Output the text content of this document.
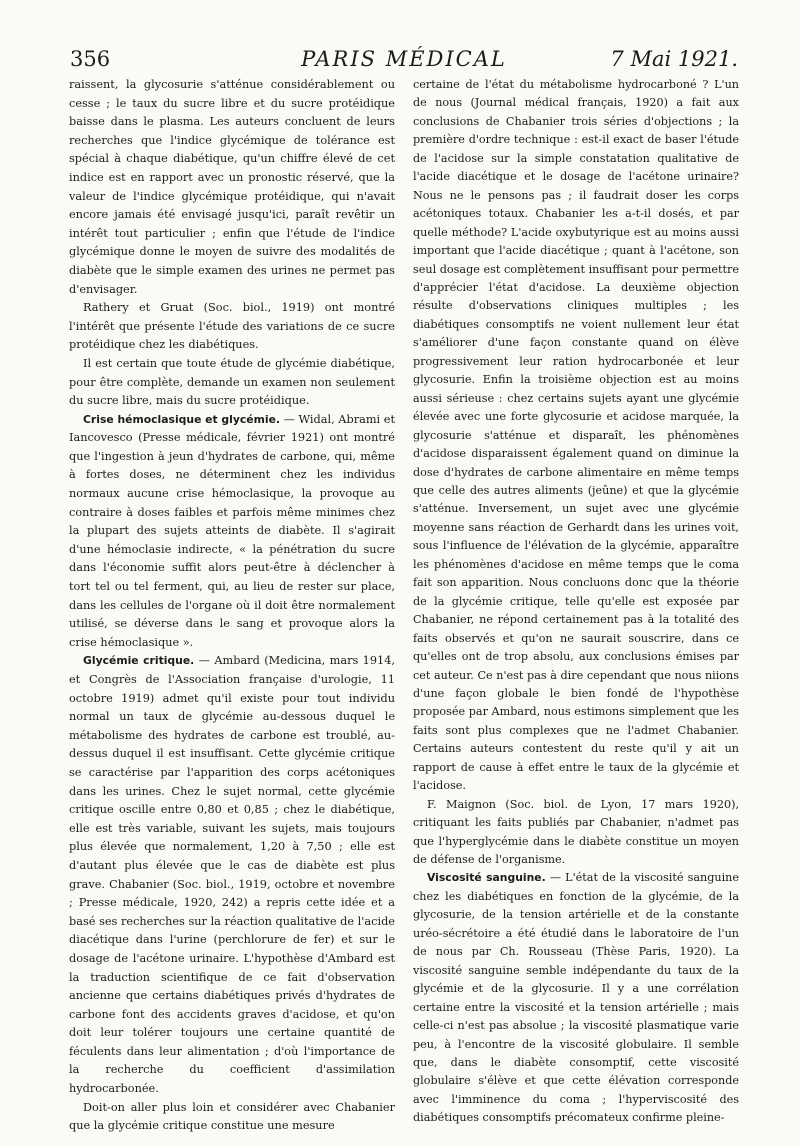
356	PARIS MÉDICAL	7 Mai 1921.

raissent, la glycosurie s'atténue considérablement ou cesse ; le taux du sucre libre et du sucre protéidique baisse dans le plasma. Les auteurs concluent de leurs recherches que l'indice glycémique de tolérance est spécial à chaque diabétique, qu'un chiffre élevé de cet indice est en rapport avec un pronostic réservé, que la valeur de l'indice glycémique protéidique, qui n'avait encore jamais été envisagé jusqu'ici, paraît revêtir un intérêt tout particulier ; enfin que l'étude de l'indice glycémique donne le moyen de suivre des modalités de diabète que le simple examen des urines ne permet pas d'envisager.

Rathery et Gruat (Soc. biol., 1919) ont montré l'intérêt que présente l'étude des variations de ce sucre protéidique chez les diabétiques.

Il est certain que toute étude de glycémie diabétique, pour être complète, demande un examen non seulement du sucre libre, mais du sucre protéidique.

Crise hémoclasique et glycémie. — Widal, Abrami et Iancovesco (Presse médicale, février 1921) ont montré que l'ingestion à jeun d'hydrates de carbone, qui, même à fortes doses, ne déterminent chez les individus normaux aucune crise hémoclasique, la provoque au contraire à doses faibles et parfois même minimes chez la plupart des sujets atteints de diabète. Il s'agirait d'une hémoclasie indirecte, « la pénétration du sucre dans l'économie suffit alors peut-être à déclencher à tort tel ou tel ferment, qui, au lieu de rester sur place, dans les cellules de l'organe où il doit être normalement utilisé, se déverse dans le sang et provoque alors la crise hémoclasique ».

Glycémie critique. — Ambard (Medicina, mars 1914, et Congrès de l'Association française d'urologie, 11 octobre 1919) admet qu'il existe pour tout individu normal un taux de glycémie au-dessous duquel le métabolisme des hydrates de carbone est troublé, au-dessus duquel il est insuffisant. Cette glycémie critique se caractérise par l'apparition des corps acétoniques dans les urines. Chez le sujet normal, cette glycémie critique oscille entre 0,80 et 0,85 ; chez le diabétique, elle est très variable, suivant les sujets, mais toujours plus élevée que normalement, 1,20 à 7,50 ; elle est d'autant plus élevée que le cas de diabète est plus grave. Chabanier (Soc. biol., 1919, octobre et novembre ; Presse médicale, 1920, 242) a repris cette idée et a basé ses recherches sur la réaction qualitative de l'acide diacétique dans l'urine (perchlorure de fer) et sur le dosage de l'acétone urinaire. L'hypothèse d'Ambard est la traduction scientifique de ce fait d'observation ancienne que certains diabétiques privés d'hydrates de carbone font des accidents graves d'acidose, et qu'on doit leur tolérer toujours une certaine quantité de féculents dans leur alimentation ; d'où l'importance de la recherche du coefficient d'assimilation hydrocarbonée.

Doit-on aller plus loin et considérer avec Chabanier que la glycémie critique constitue une mesure

certaine de l'état du métabolisme hydrocarboné ? L'un de nous (Journal médical français, 1920) a fait aux conclusions de Chabanier trois séries d'objections ; la première d'ordre technique : est-il exact de baser l'étude de l'acidose sur la simple constatation qualitative de l'acide diacétique et le dosage de l'acétone urinaire? Nous ne le pensons pas ; il faudrait doser les corps acétoniques totaux. Chabanier les a-t-il dosés, et par quelle méthode? L'acide oxybutyrique est au moins aussi important que l'acide diacétique ; quant à l'acétone, son seul dosage est complètement insuffisant pour permettre d'apprécier l'état d'acidose. La deuxième objection résulte d'observations cliniques multiples ; les diabétiques consomptifs ne voient nullement leur état s'améliorer d'une façon constante quand on élève progressivement leur ration hydrocarbonée et leur glycosurie. Enfin la troisième objection est au moins aussi sérieuse : chez certains sujets ayant une glycémie élevée avec une forte glycosurie et acidose marquée, la glycosurie s'atténue et disparaît, les phénomènes d'acidose disparaissent également quand on diminue la dose d'hydrates de carbone alimentaire en même temps que celle des autres aliments (jeûne) et que la glycémie s'atténue. Inversement, un sujet avec une glycémie moyenne sans réaction de Gerhardt dans les urines voit, sous l'influence de l'élévation de la glycémie, apparaître les phénomènes d'acidose en même temps que le coma fait son apparition. Nous concluons donc que la théorie de la glycémie critique, telle qu'elle est exposée par Chabanier, ne répond certainement pas à la totalité des faits observés et qu'on ne saurait souscrire, dans ce qu'elles ont de trop absolu, aux conclusions émises par cet auteur. Ce n'est pas à dire cependant que nous niions d'une façon globale le bien fondé de l'hypothèse proposée par Ambard, nous estimons simplement que les faits sont plus complexes que ne l'admet Chabanier. Certains auteurs contestent du reste qu'il y ait un rapport de cause à effet entre le taux de la glycémie et l'acidose.

F. Maignon (Soc. biol. de Lyon, 17 mars 1920), critiquant les faits publiés par Chabanier, n'admet pas que l'hyperglycémie dans le diabète constitue un moyen de défense de l'organisme.

Viscosité sanguine. — L'état de la viscosité sanguine chez les diabétiques en fonction de la glycémie, de la glycosurie, de la tension artérielle et de la constante uréo-sécrétoire a été étudié dans le laboratoire de l'un de nous par Ch. Rousseau (Thèse Paris, 1920). La viscosité sanguine semble indépendante du taux de la glycémie et de la glycosurie. Il y a une corrélation certaine entre la viscosité et la tension artérielle ; mais celle-ci n'est pas absolue ; la viscosité plasmatique varie peu, à l'encontre de la viscosité globulaire. Il semble que, dans le diabète consomptif, cette viscosité globulaire s'élève et que cette élévation corresponde avec l'imminence du coma ; l'hyperviscosité des diabétiques consomptifs précomateux confirme pleine-
